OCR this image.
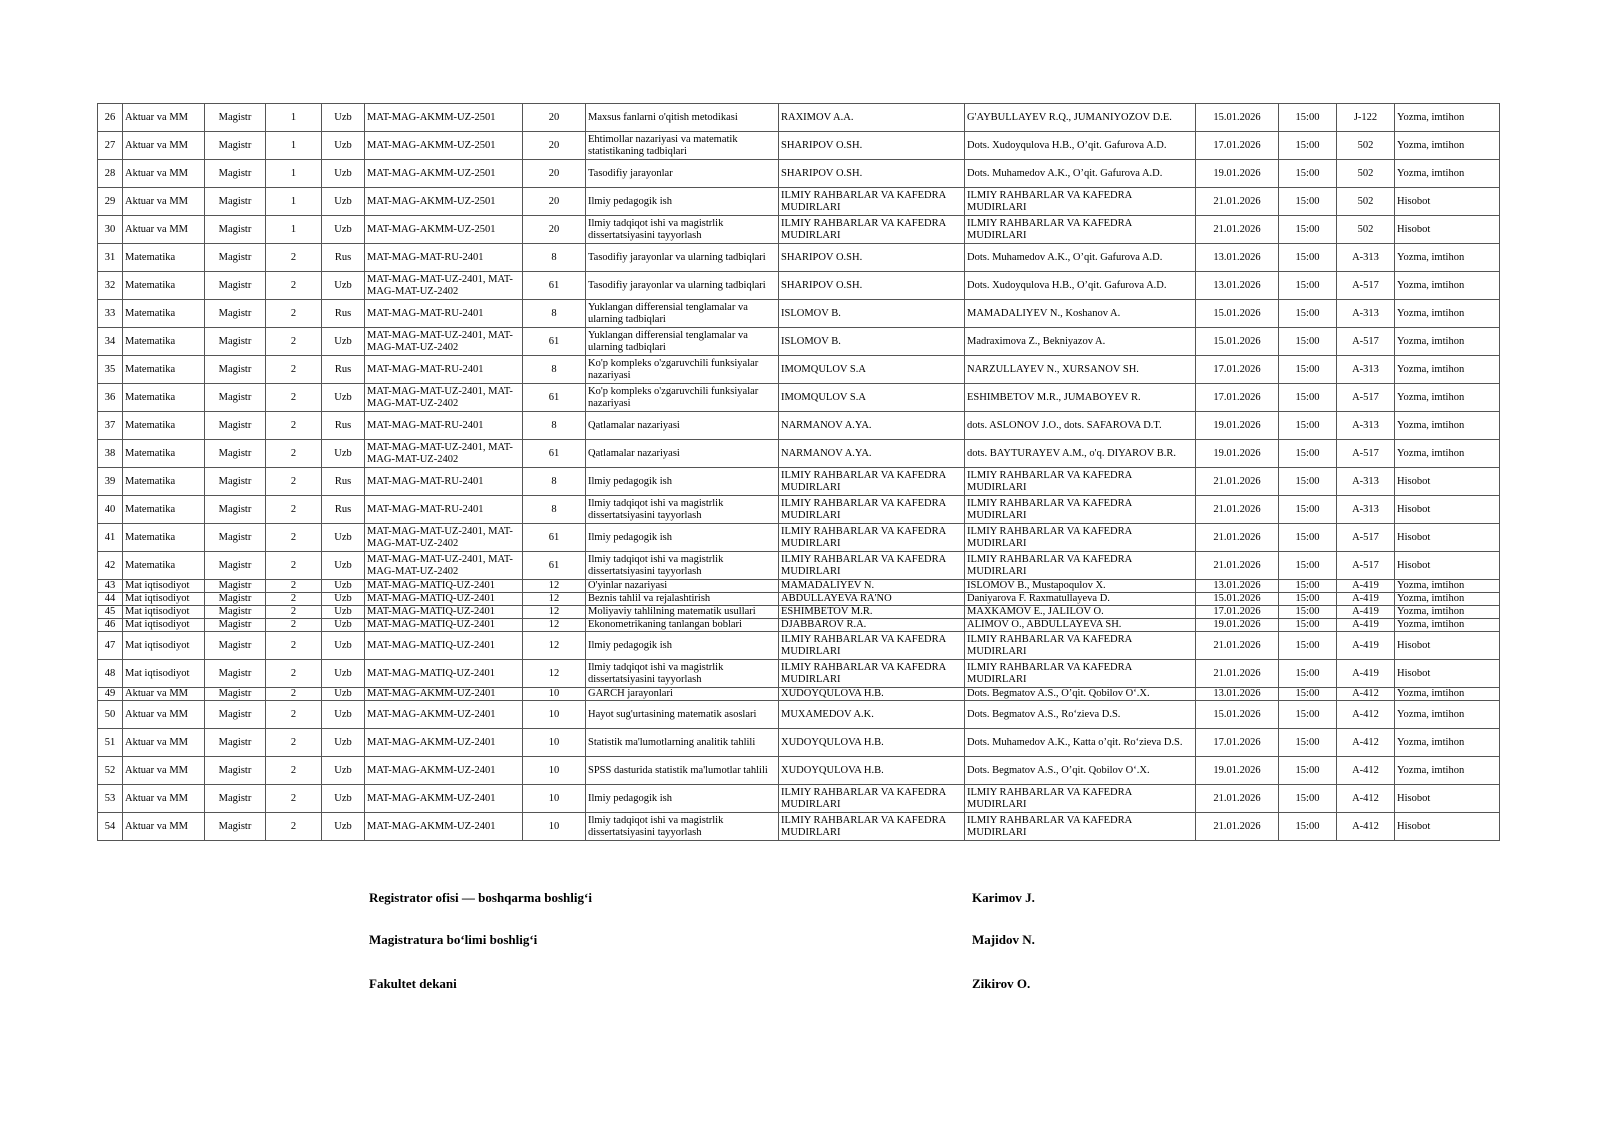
26	Aktuar va MM	Magistr	1	Uzb	MAT-MAG-AKMM-UZ-2501	20	Maxsus fanlarni o'qitish metodikasi	RAXIMOV A.A.	G'AYBULLAYEV R.Q., JUMANIYOZOV D.E.	15.01.2026	15:00	J-122	Yozma, imtihon
27	Aktuar va MM	Magistr	1	Uzb	MAT-MAG-AKMM-UZ-2501	20	Ehtimollar nazariyasi va matematik statistikaning tadbiqlari	SHARIPOV O.SH.	Dots. Xudoyqulova H.B., O’qit. Gafurova A.D.	17.01.2026	15:00	502	Yozma, imtihon
28	Aktuar va MM	Magistr	1	Uzb	MAT-MAG-AKMM-UZ-2501	20	Tasodifiy jarayonlar	SHARIPOV O.SH.	Dots. Muhamedov A.K., O’qit. Gafurova A.D.	19.01.2026	15:00	502	Yozma, imtihon
29	Aktuar va MM	Magistr	1	Uzb	MAT-MAG-AKMM-UZ-2501	20	Ilmiy pedagogik ish	ILMIY RAHBARLAR VA KAFEDRA MUDIRLARI	ILMIY RAHBARLAR VA KAFEDRA MUDIRLARI	21.01.2026	15:00	502	Hisobot
30	Aktuar va MM	Magistr	1	Uzb	MAT-MAG-AKMM-UZ-2501	20	Ilmiy tadqiqot ishi va magistrlik dissertatsiyasini tayyorlash	ILMIY RAHBARLAR VA KAFEDRA MUDIRLARI	ILMIY RAHBARLAR VA KAFEDRA MUDIRLARI	21.01.2026	15:00	502	Hisobot
31	Matematika	Magistr	2	Rus	MAT-MAG-MAT-RU-2401	8	Tasodifiy jarayonlar va ularning tadbiqlari	SHARIPOV O.SH.	Dots. Muhamedov A.K., O’qit. Gafurova A.D.	13.01.2026	15:00	A-313	Yozma, imtihon
32	Matematika	Magistr	2	Uzb	MAT-MAG-MAT-UZ-2401, MAT-MAG-MAT-UZ-2402	61	Tasodifiy jarayonlar va ularning tadbiqlari	SHARIPOV O.SH.	Dots. Xudoyqulova H.B., O’qit. Gafurova A.D.	13.01.2026	15:00	A-517	Yozma, imtihon
33	Matematika	Magistr	2	Rus	MAT-MAG-MAT-RU-2401	8	Yuklangan differensial tenglamalar va ularning tadbiqlari	ISLOMOV B.	MAMADALIYEV N., Koshanov A.	15.01.2026	15:00	A-313	Yozma, imtihon
34	Matematika	Magistr	2	Uzb	MAT-MAG-MAT-UZ-2401, MAT-MAG-MAT-UZ-2402	61	Yuklangan differensial tenglamalar va ularning tadbiqlari	ISLOMOV B.	Madraximova Z., Bekniyazov A.	15.01.2026	15:00	A-517	Yozma, imtihon
35	Matematika	Magistr	2	Rus	MAT-MAG-MAT-RU-2401	8	Ko'p kompleks o'zgaruvchili funksiyalar nazariyasi	IMOMQULOV S.A	NARZULLAYEV N., XURSANOV SH.	17.01.2026	15:00	A-313	Yozma, imtihon
36	Matematika	Magistr	2	Uzb	MAT-MAG-MAT-UZ-2401, MAT-MAG-MAT-UZ-2402	61	Ko'p kompleks o'zgaruvchili funksiyalar nazariyasi	IMOMQULOV S.A	ESHIMBETOV M.R., JUMABOYEV R.	17.01.2026	15:00	A-517	Yozma, imtihon
37	Matematika	Magistr	2	Rus	MAT-MAG-MAT-RU-2401	8	Qatlamalar nazariyasi	NARMANOV A.YA.	dots. ASLONOV J.O., dots. SAFAROVA D.T.	19.01.2026	15:00	A-313	Yozma, imtihon
38	Matematika	Magistr	2	Uzb	MAT-MAG-MAT-UZ-2401, MAT-MAG-MAT-UZ-2402	61	Qatlamalar nazariyasi	NARMANOV A.YA.	dots. BAYTURAYEV A.M., o'q. DIYAROV B.R.	19.01.2026	15:00	A-517	Yozma, imtihon
39	Matematika	Magistr	2	Rus	MAT-MAG-MAT-RU-2401	8	Ilmiy pedagogik ish	ILMIY RAHBARLAR VA KAFEDRA MUDIRLARI	ILMIY RAHBARLAR VA KAFEDRA MUDIRLARI	21.01.2026	15:00	A-313	Hisobot
40	Matematika	Magistr	2	Rus	MAT-MAG-MAT-RU-2401	8	Ilmiy tadqiqot ishi va magistrlik dissertatsiyasini tayyorlash	ILMIY RAHBARLAR VA KAFEDRA MUDIRLARI	ILMIY RAHBARLAR VA KAFEDRA MUDIRLARI	21.01.2026	15:00	A-313	Hisobot
41	Matematika	Magistr	2	Uzb	MAT-MAG-MAT-UZ-2401, MAT-MAG-MAT-UZ-2402	61	Ilmiy pedagogik ish	ILMIY RAHBARLAR VA KAFEDRA MUDIRLARI	ILMIY RAHBARLAR VA KAFEDRA MUDIRLARI	21.01.2026	15:00	A-517	Hisobot
42	Matematika	Magistr	2	Uzb	MAT-MAG-MAT-UZ-2401, MAT-MAG-MAT-UZ-2402	61	Ilmiy tadqiqot ishi va magistrlik dissertatsiyasini tayyorlash	ILMIY RAHBARLAR VA KAFEDRA MUDIRLARI	ILMIY RAHBARLAR VA KAFEDRA MUDIRLARI	21.01.2026	15:00	A-517	Hisobot
43	Mat iqtisodiyot	Magistr	2	Uzb	MAT-MAG-MATIQ-UZ-2401	12	O'yinlar nazariyasi	MAMADALIYEV N.	ISLOMOV B., Mustapoqulov X.	13.01.2026	15:00	A-419	Yozma, imtihon
44	Mat iqtisodiyot	Magistr	2	Uzb	MAT-MAG-MATIQ-UZ-2401	12	Beznis tahlil va rejalashtirish	ABDULLAYEVA RA'NO	Daniyarova F. Raxmatullayeva D.	15.01.2026	15:00	A-419	Yozma, imtihon
45	Mat iqtisodiyot	Magistr	2	Uzb	MAT-MAG-MATIQ-UZ-2401	12	Moliyaviy tahlilning matematik usullari	ESHIMBETOV M.R.	MAXKAMOV E., JALILOV O.	17.01.2026	15:00	A-419	Yozma, imtihon
46	Mat iqtisodiyot	Magistr	2	Uzb	MAT-MAG-MATIQ-UZ-2401	12	Ekonometrikaning tanlangan boblari	DJABBAROV R.A.	ALIMOV O., ABDULLAYEVA SH.	19.01.2026	15:00	A-419	Yozma, imtihon
47	Mat iqtisodiyot	Magistr	2	Uzb	MAT-MAG-MATIQ-UZ-2401	12	Ilmiy pedagogik ish	ILMIY RAHBARLAR VA KAFEDRA MUDIRLARI	ILMIY RAHBARLAR VA KAFEDRA MUDIRLARI	21.01.2026	15:00	A-419	Hisobot
48	Mat iqtisodiyot	Magistr	2	Uzb	MAT-MAG-MATIQ-UZ-2401	12	Ilmiy tadqiqot ishi va magistrlik dissertatsiyasini tayyorlash	ILMIY RAHBARLAR VA KAFEDRA MUDIRLARI	ILMIY RAHBARLAR VA KAFEDRA MUDIRLARI	21.01.2026	15:00	A-419	Hisobot
49	Aktuar va MM	Magistr	2	Uzb	MAT-MAG-AKMM-UZ-2401	10	GARCH jarayonlari	XUDOYQULOVA H.B.	Dots. Begmatov A.S., O’qit. Qobilov O‘.X.	13.01.2026	15:00	A-412	Yozma, imtihon
50	Aktuar va MM	Magistr	2	Uzb	MAT-MAG-AKMM-UZ-2401	10	Hayot sug'urtasining matematik asoslari	MUXAMEDOV A.K.	Dots. Begmatov A.S., Ro‘zieva D.S.	15.01.2026	15:00	A-412	Yozma, imtihon
51	Aktuar va MM	Magistr	2	Uzb	MAT-MAG-AKMM-UZ-2401	10	Statistik ma'lumotlarning analitik tahlili	XUDOYQULOVA H.B.	Dots. Muhamedov A.K., Katta o’qit. Ro‘zieva D.S.	17.01.2026	15:00	A-412	Yozma, imtihon
52	Aktuar va MM	Magistr	2	Uzb	MAT-MAG-AKMM-UZ-2401	10	SPSS dasturida statistik ma'lumotlar tahlili	XUDOYQULOVA H.B.	Dots. Begmatov A.S., O’qit. Qobilov O‘.X.	19.01.2026	15:00	A-412	Yozma, imtihon
53	Aktuar va MM	Magistr	2	Uzb	MAT-MAG-AKMM-UZ-2401	10	Ilmiy pedagogik ish	ILMIY RAHBARLAR VA KAFEDRA MUDIRLARI	ILMIY RAHBARLAR VA KAFEDRA MUDIRLARI	21.01.2026	15:00	A-412	Hisobot
54	Aktuar va MM	Magistr	2	Uzb	MAT-MAG-AKMM-UZ-2401	10	Ilmiy tadqiqot ishi va magistrlik dissertatsiyasini tayyorlash	ILMIY RAHBARLAR VA KAFEDRA MUDIRLARI	ILMIY RAHBARLAR VA KAFEDRA MUDIRLARI	21.01.2026	15:00	A-412	Hisobot
Registrator ofisi — boshqarma boshlig‘i	Karimov J.
Magistratura bo‘limi boshlig‘i	Majidov N.
Fakultet dekani	Zikirov O.
